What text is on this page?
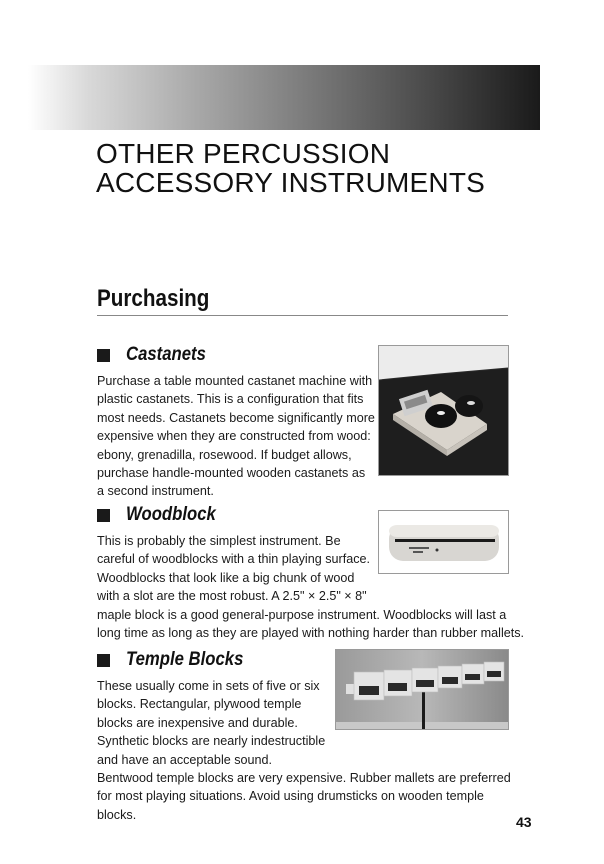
OTHER PERCUSSION
ACCESSORY INSTRUMENTS
Purchasing
Castanets

Purchase a table mounted castanet machine with
plastic castanets. This is a configuration that fits
most needs. Castanets become significantly more
expensive when they are constructed from wood:
ebony, grenadilla, rosewood. If budget allows,
purchase handle-mounted wooden castanets as
a second instrument.

Woodblock

This is probably the simplest instrument. Be
careful of woodblocks with a thin playing surface.
Woodblocks that look like a big chunk of wood
with a slot are the most robust. A 2.5" × 2.5" × 8"
maple block is a good general-purpose instrument. Woodblocks will last a
long time as long as they are played with nothing harder than rubber mallets.

Temple Blocks

These usually come in sets of five or six
blocks. Rectangular, plywood temple
blocks are inexpensive and durable.
Synthetic blocks are nearly indestructible
and have an acceptable sound.
Bentwood temple blocks are very expensive. Rubber mallets are preferred
for most playing situations. Avoid using drumsticks on wooden temple
blocks.	43
